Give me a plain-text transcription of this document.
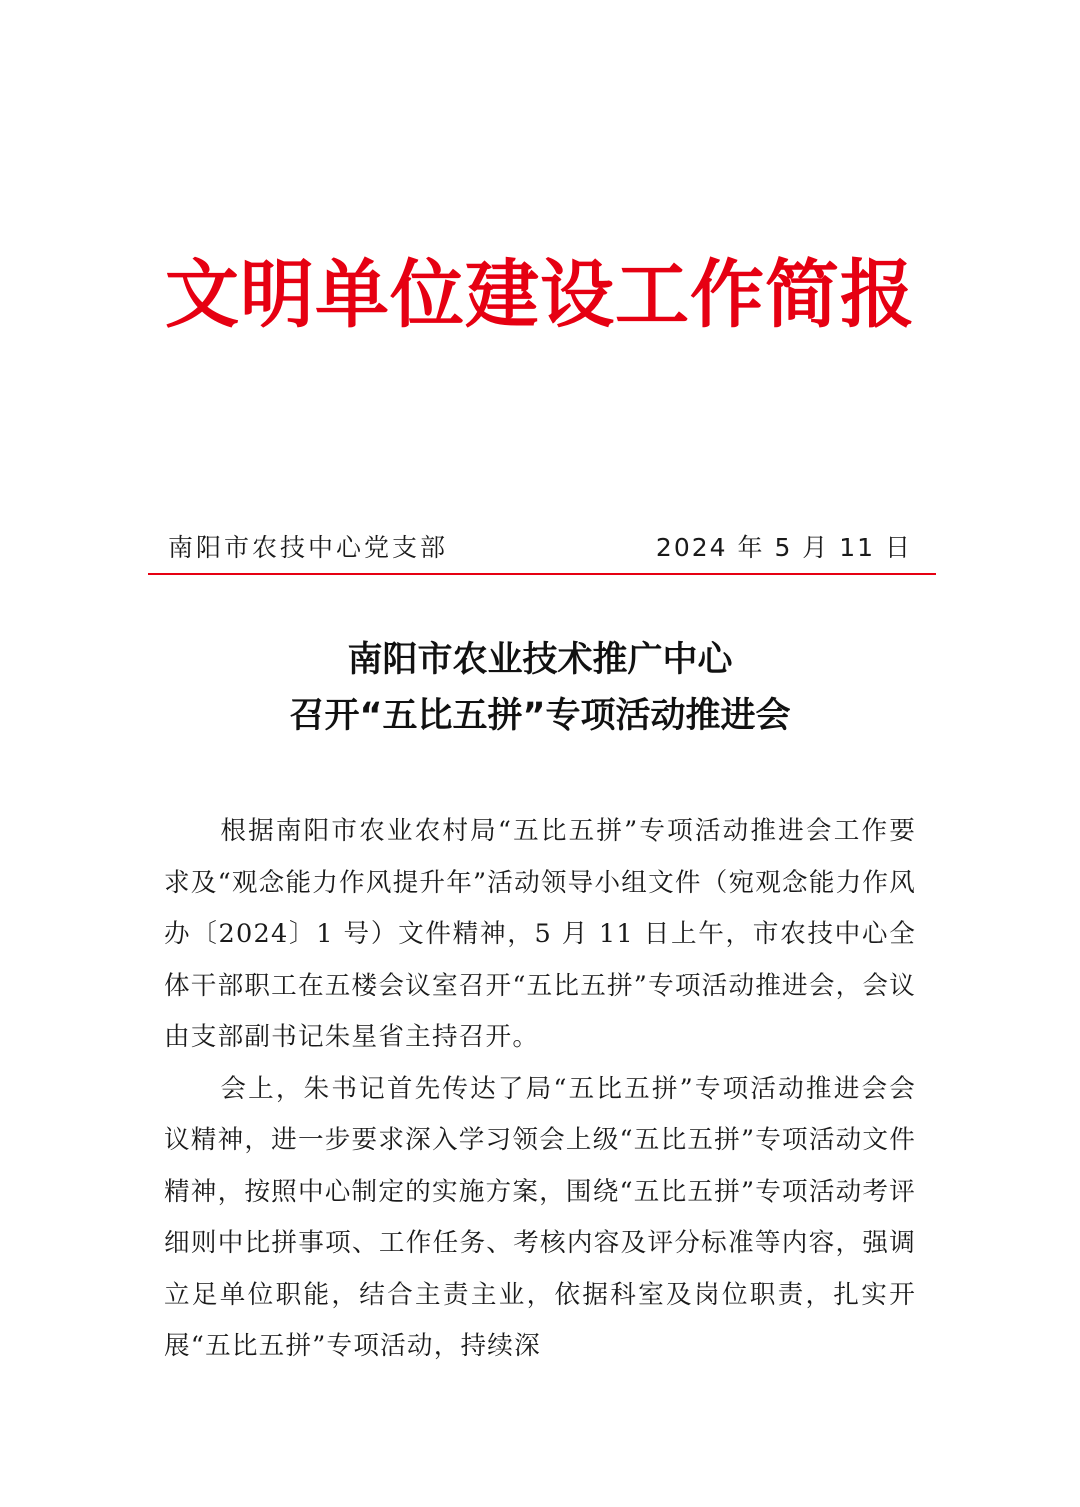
文明单位建设工作简报
南阳市农技中心党支部	2024 年 5 月 11 日
南阳市农业技术推广中心
召开“五比五拼”专项活动推进会

根据南阳市农业农村局“五比五拼”专项活动推进会工作要求及“观念能力作风提升年”活动领导小组文件（宛观念能力作风办〔2024〕1 号）文件精神，5 月 11 日上午，市农技中心全体干部职工在五楼会议室召开“五比五拼”专项活动推进会，会议由支部副书记朱星省主持召开。

会上，朱书记首先传达了局“五比五拼”专项活动推进会会议精神，进一步要求深入学习领会上级“五比五拼”专项活动文件精神，按照中心制定的实施方案，围绕“五比五拼”专项活动考评细则中比拼事项、工作任务、考核内容及评分标准等内容，强调立足单位职能，结合主责主业，依据科室及岗位职责，扎实开展“五比五拼”专项活动，持续深
